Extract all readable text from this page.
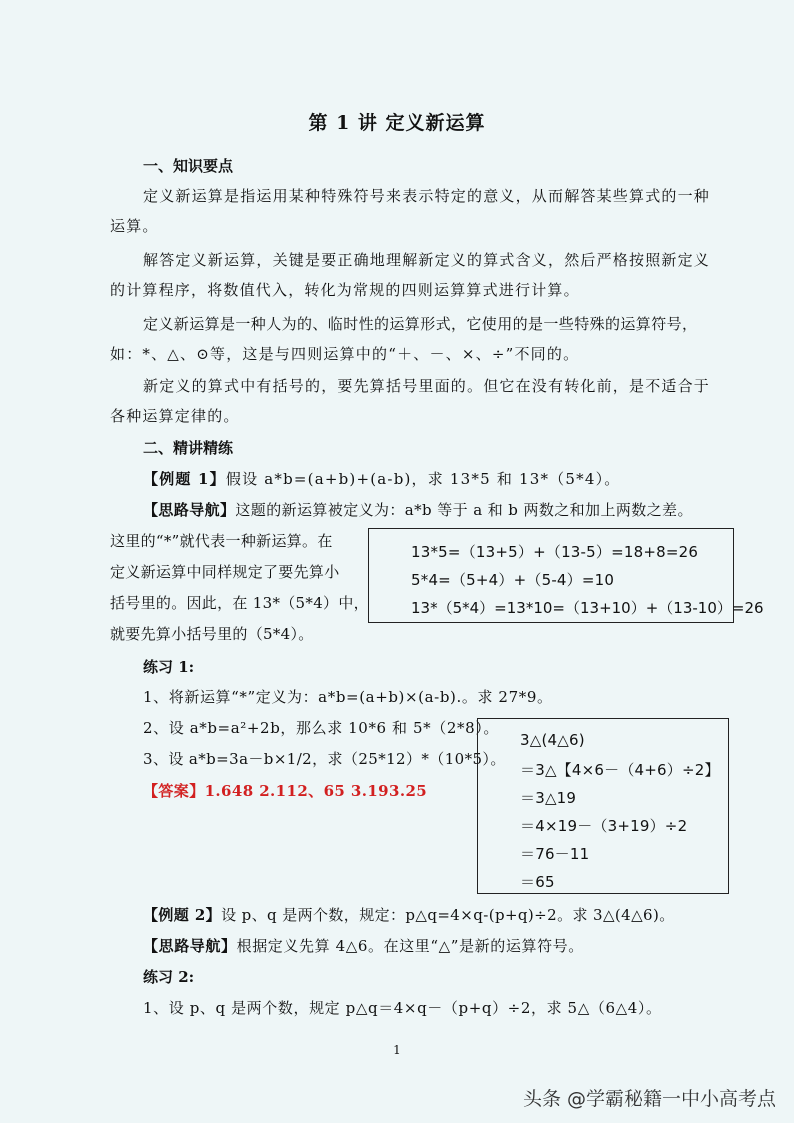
第 1 讲 定义新运算
一、知识要点
定义新运算是指运用某种特殊符号来表示特定的意义，从而解答某些算式的一种
运算。
解答定义新运算，关键是要正确地理解新定义的算式含义，然后严格按照新定义
的计算程序，将数值代入，转化为常规的四则运算算式进行计算。
定义新运算是一种人为的、临时性的运算形式，它使用的是一些特殊的运算符号，
如：*、△、⊙等，这是与四则运算中的“＋、－、×、÷”不同的。
新定义的算式中有括号的，要先算括号里面的。但它在没有转化前，是不适合于
各种运算定律的。
二、精讲精练
【例题 1】假设 a*b=(a+b)+(a-b)，求 13*5 和 13*（5*4）。
【思路导航】这题的新运算被定义为：a*b 等于 a 和 b 两数之和加上两数之差。
这里的“*”就代表一种新运算。在
定义新运算中同样规定了要先算小
括号里的。因此，在 13*（5*4）中，
就要先算小括号里的（5*4）。
13*5=（13+5）+（13-5）=18+8=26
5*4=（5+4）+（5-4）=10
13*（5*4）=13*10=（13+10）+（13-10）=26
练习 1:
1、将新运算“*”定义为：a*b=(a+b)×(a-b).。求 27*9。
2、设 a*b=a²+2b，那么求 10*6 和 5*（2*8）。
3、设 a*b=3a－b×1/2，求（25*12）*（10*5）。
【答案】1.648 2.112、65 3.193.25
3△(4△6)
＝3△【4×6－（4+6）÷2】
＝3△19
＝4×19－（3+19）÷2
＝76－11
＝65
【例题 2】设 p、q 是两个数，规定：p△q=4×q-(p+q)÷2。求 3△(4△6)。
【思路导航】根据定义先算 4△6。在这里“△”是新的运算符号。
练习 2:
1、设 p、q 是两个数，规定 p△q＝4×q－（p+q）÷2，求 5△（6△4）。
1
头条 @学霸秘籍一中小高考点
